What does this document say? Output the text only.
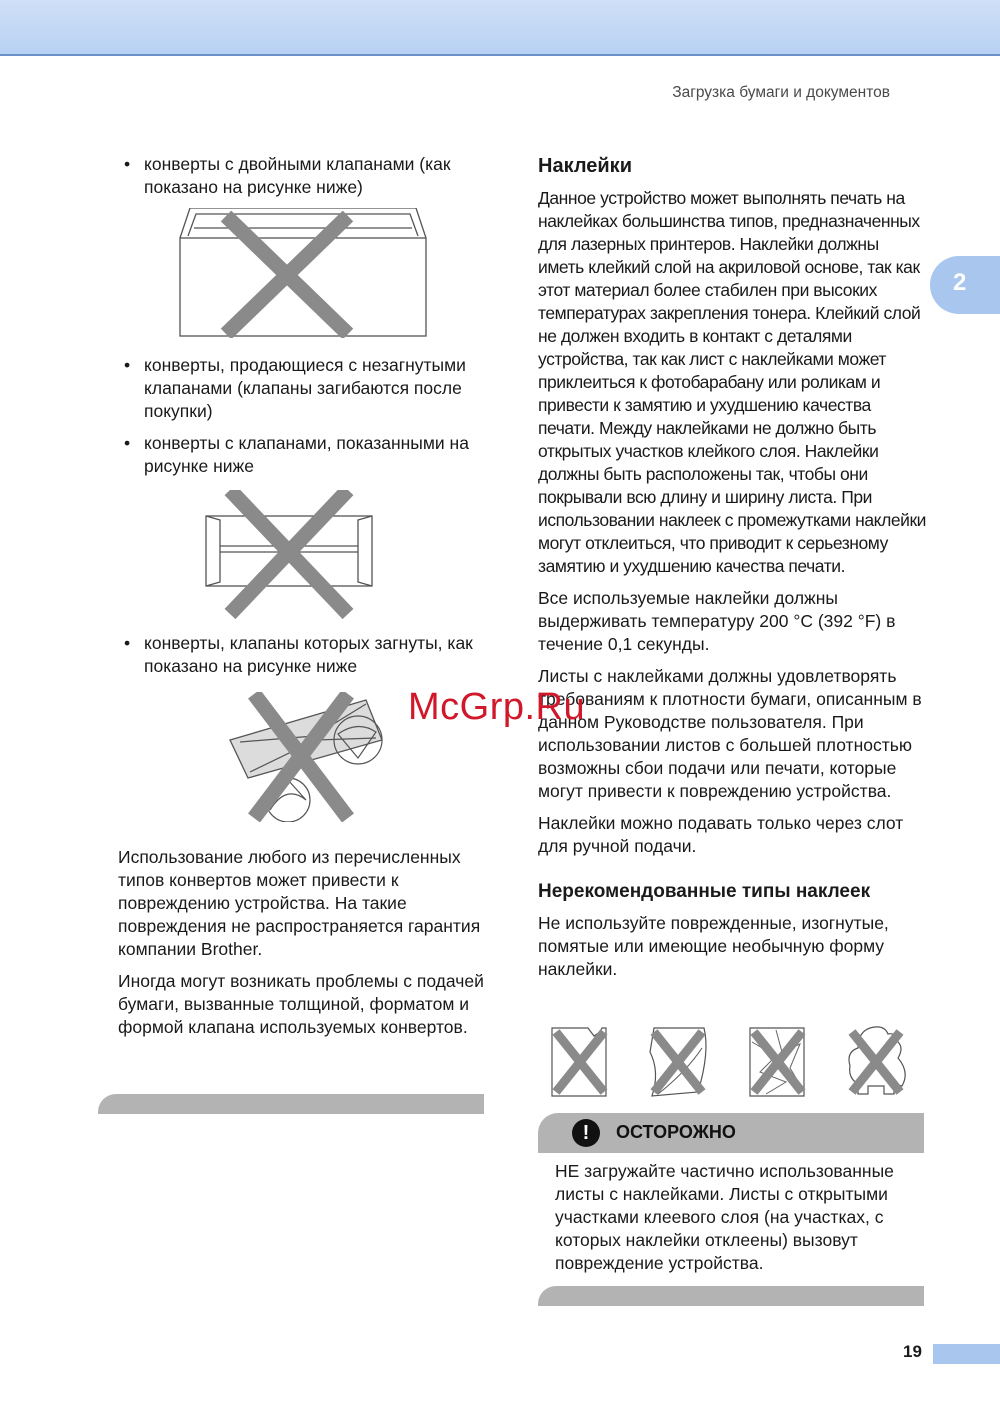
Загрузка бумаги и документов
2
• конверты с двойными клапанами (как показано на рисунке ниже)
• конверты, продающиеся с незагнутыми клапанами (клапаны загибаются после покупки)
• конверты с клапанами, показанными на рисунке ниже
• конверты, клапаны которых загнуты, как показано на рисунке ниже

Использование любого из перечисленных типов конвертов может привести к повреждению устройства. На такие повреждения не распространяется гарантия компании Brother.

Иногда могут возникать проблемы с подачей бумаги, вызванные толщиной, форматом и формой клапана используемых конвертов.

Наклейки

Данное устройство может выполнять печать на наклейках большинства типов, предназначенных для лазерных принтеров. Наклейки должны иметь клейкий слой на акриловой основе, так как этот материал более стабилен при высоких температурах закрепления тонера. Клейкий слой не должен входить в контакт с деталями устройства, так как лист с наклейками может приклеиться к фотобарабану или роликам и привести к замятию и ухудшению качества печати. Между наклейками не должно быть открытых участков клейкого слоя. Наклейки должны быть расположены так, чтобы они покрывали всю длину и ширину листа. При использовании наклеек с промежутками наклейки могут отклеиться, что приводит к серьезному замятию и ухудшению качества печати.

Все используемые наклейки должны выдерживать температуру 200 °C (392 °F) в течение 0,1 секунды.

Листы с наклейками должны удовлетворять требованиям к плотности бумаги, описанным в данном Руководстве пользователя. При использовании листов с большей плотностью возможны сбои подачи или печати, которые могут привести к повреждению устройства.

Наклейки можно подавать только через слот для ручной подачи.

Нерекомендованные типы наклеек

Не используйте поврежденные, изогнутые, помятые или имеющие необычную форму наклейки.

!	ОСТОРОЖНО
НЕ загружайте частично использованные листы с наклейками. Листы с открытыми участками клеевого слоя (на участках, с которых наклейки отклеены) вызовут повреждение устройства.
McGrp.Ru
19
